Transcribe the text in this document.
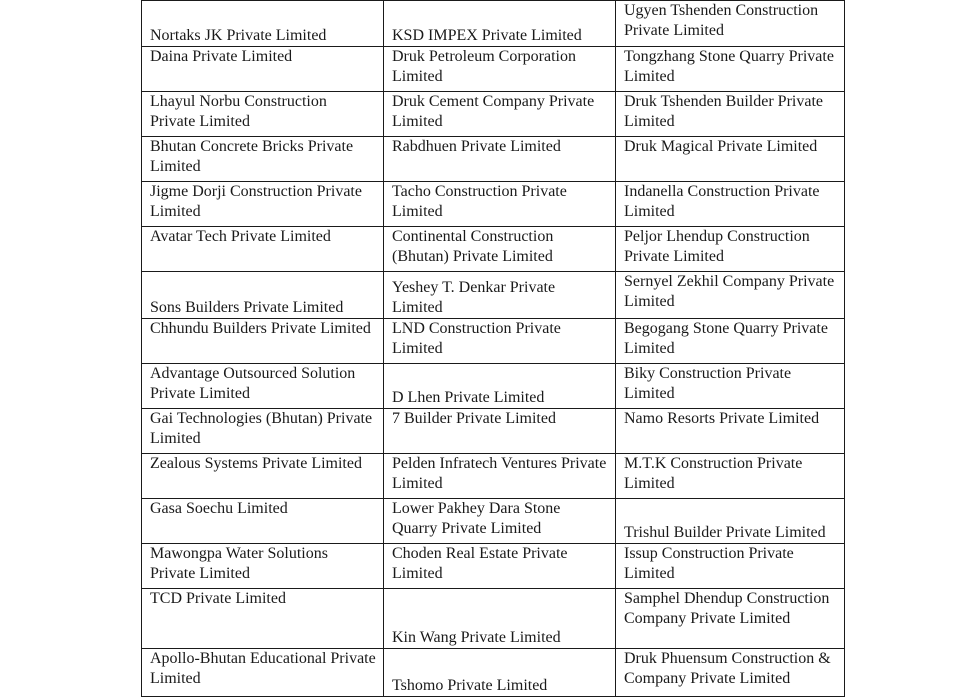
Nortaks JK Private Limited	KSD IMPEX Private Limited	Ugyen Tshenden Construction Private Limited
Daina Private Limited	Druk Petroleum Corporation Limited	Tongzhang Stone Quarry Private Limited
Lhayul Norbu Construction Private Limited	Druk Cement Company Private Limited	Druk Tshenden Builder Private Limited
Bhutan Concrete Bricks Private Limited	Rabdhuen Private Limited	Druk Magical Private Limited
Jigme Dorji Construction Private Limited	Tacho Construction Private Limited	Indanella Construction Private Limited
Avatar Tech Private Limited	Continental Construction (Bhutan) Private Limited	Peljor Lhendup Construction Private Limited
Sons Builders Private Limited	Yeshey T. Denkar Private Limited	Sernyel Zekhil Company Private Limited
Chhundu Builders Private Limited	LND Construction Private Limited	Begogang Stone Quarry Private Limited
Advantage Outsourced Solution Private Limited	D Lhen Private Limited	Biky Construction Private Limited
Gai Technologies (Bhutan) Private Limited	7 Builder Private Limited	Namo Resorts Private Limited
Zealous Systems Private Limited	Pelden Infratech Ventures Private Limited	M.T.K Construction Private Limited
Gasa Soechu Limited	Lower Pakhey Dara Stone Quarry Private Limited	Trishul Builder Private Limited
Mawongpa Water Solutions Private Limited	Choden Real Estate Private Limited	Issup Construction Private Limited
TCD Private Limited	Kin Wang Private Limited	Samphel Dhendup Construction Company Private Limited
Apollo-Bhutan Educational Private Limited	Tshomo Private Limited	Druk Phuensum Construction & Company Private Limited
